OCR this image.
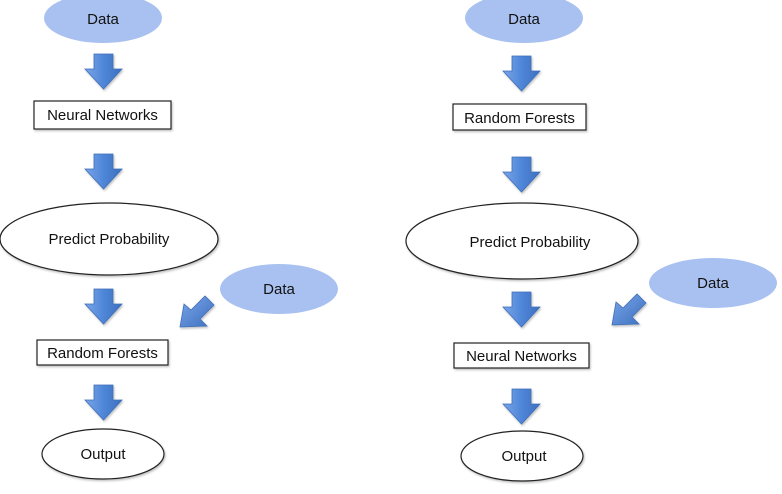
Data
Neural Networks
Predict Probability
Data
Random Forests
Output
Data
Random Forests
Predict Probability
Data
Neural Networks
Output
